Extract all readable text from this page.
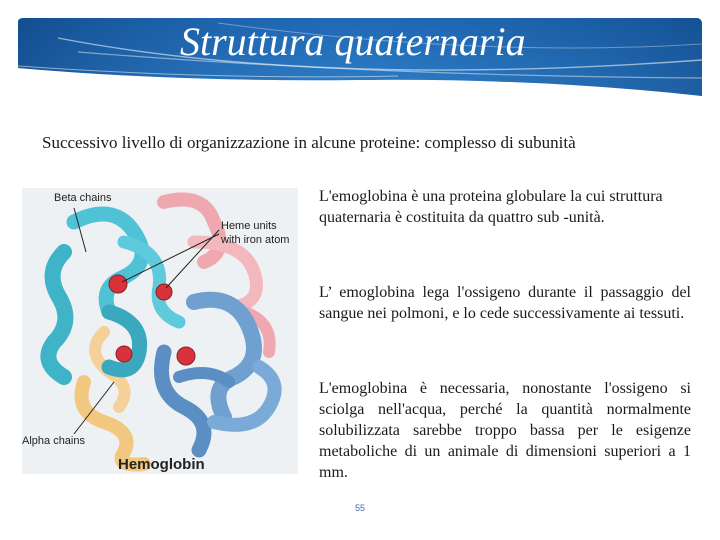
Struttura quaternaria
Successivo livello di organizzazione in alcune proteine: complesso di subunità
Beta chains
Heme units
with iron atom
Alpha chains
Hemoglobin
L'emoglobina è una proteina globulare la cui struttura quaternaria è costituita da quattro sub -unità.
L’ emoglobina lega l'ossigeno durante il passaggio del sangue nei polmoni, e lo cede successivamente ai tessuti.
L'emoglobina è necessaria, nonostante l'ossigeno si sciolga nell'acqua, perché la quantità normalmente solubilizzata sarebbe troppo bassa per le esigenze metaboliche di un animale di dimensioni superiori a 1 mm.
55
